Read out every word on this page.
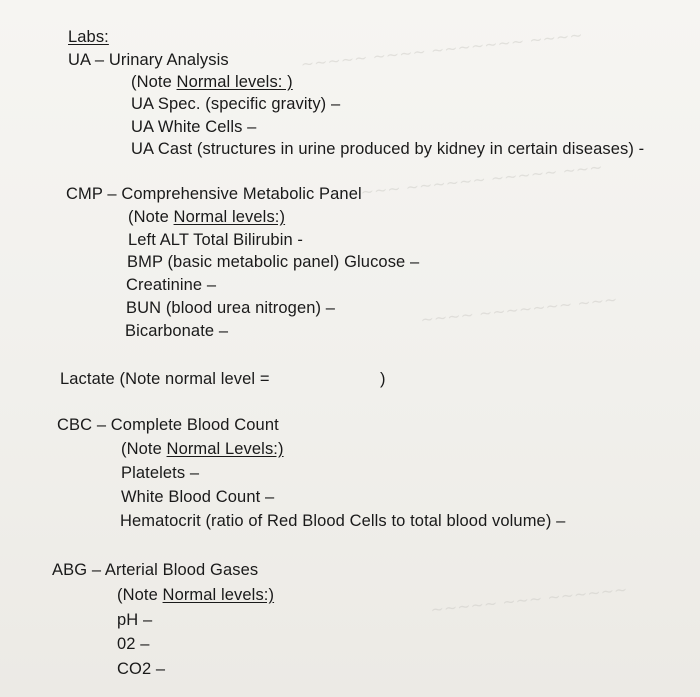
~~~~~ ~~~~ ~~~~~~~ ~~~~
~~~ ~~~~~~ ~~~~~ ~~~
~~~~ ~~~~~~~ ~~~
~~~~~ ~~~ ~~~~~~
Labs:
UA – Urinary Analysis
(Note Normal levels: )
UA Spec. (specific gravity) –
UA White Cells –
UA Cast (structures in urine produced by kidney in certain diseases) -
CMP – Comprehensive Metabolic Panel
(Note Normal levels:)
Left ALT Total Bilirubin -
BMP (basic metabolic panel) Glucose –
Creatinine –
BUN (blood urea nitrogen) –
Bicarbonate –
Lactate (Note normal level =	)
CBC – Complete Blood Count
(Note Normal Levels:)
Platelets –
White Blood Count –
Hematocrit (ratio of Red Blood Cells to total blood volume) –
ABG – Arterial Blood Gases
(Note Normal levels:)
pH –
02 –
CO2 –
